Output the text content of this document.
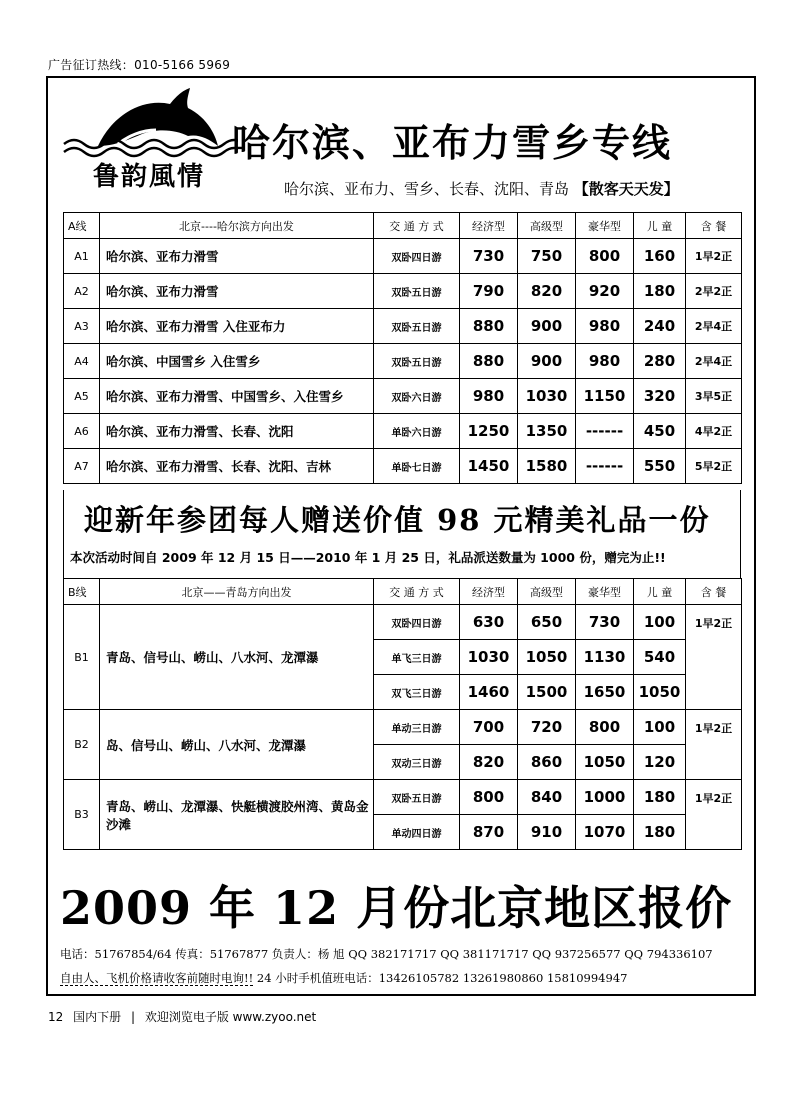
广告征订热线：010-5166 5969
鲁韵風情
哈尔滨、亚布力雪乡专线
哈尔滨、亚布力、雪乡、长春、沈阳、青岛 【散客天天发】
A线	北京----哈尔滨方向出发	交 通 方 式	经济型	高级型	豪华型	儿 童	含 餐
A1	哈尔滨、亚布力滑雪	双卧四日游	730	750	800	160	1早2正
A2	哈尔滨、亚布力滑雪	双卧五日游	790	820	920	180	2早2正
A3	哈尔滨、亚布力滑雪 入住亚布力	双卧五日游	880	900	980	240	2早4正
A4	哈尔滨、中国雪乡 入住雪乡	双卧五日游	880	900	980	280	2早4正
A5	哈尔滨、亚布力滑雪、中国雪乡、入住雪乡	双卧六日游	980	1030	1150	320	3早5正
A6	哈尔滨、亚布力滑雪、长春、沈阳	单卧六日游	1250	1350	------	450	4早2正
A7	哈尔滨、亚布力滑雪、长春、沈阳、吉林	单卧七日游	1450	1580	------	550	5早2正
迎新年参团每人赠送价值 98 元精美礼品一份
本次活动时间自 2009 年 12 月 15 日——2010 年 1 月 25 日，礼品派送数量为 1000 份，赠完为止!!
B线	北京——青岛方向出发	交 通 方 式	经济型	高级型	豪华型	儿 童	含 餐
B1	青岛、信号山、崂山、八水河、龙潭瀑	双卧四日游	630	650	730	100	1早2正
		单飞三日游	1030	1050	1130	540	
		双飞三日游	1460	1500	1650	1050	
B2	岛、信号山、崂山、八水河、龙潭瀑	单动三日游	700	720	800	100	1早2正
		双动三日游	820	860	1050	120	
B3	青岛、崂山、龙潭瀑、快艇横渡胶州湾、黄岛金沙滩	双卧五日游	800	840	1000	180	1早2正
		单动四日游	870	910	1070	180	
2009 年 12 月份北京地区报价
电话：51767854/64 传真：51767877 负责人：杨 旭 QQ 382171717 QQ 381171717 QQ 937256577 QQ 794336107
自由人、飞机价格请收客前随时电询!! 24 小时手机值班电话：13426105782 13261980860 15810994947
12 国内下册 | 欢迎浏览电子版 www.zyoo.net
